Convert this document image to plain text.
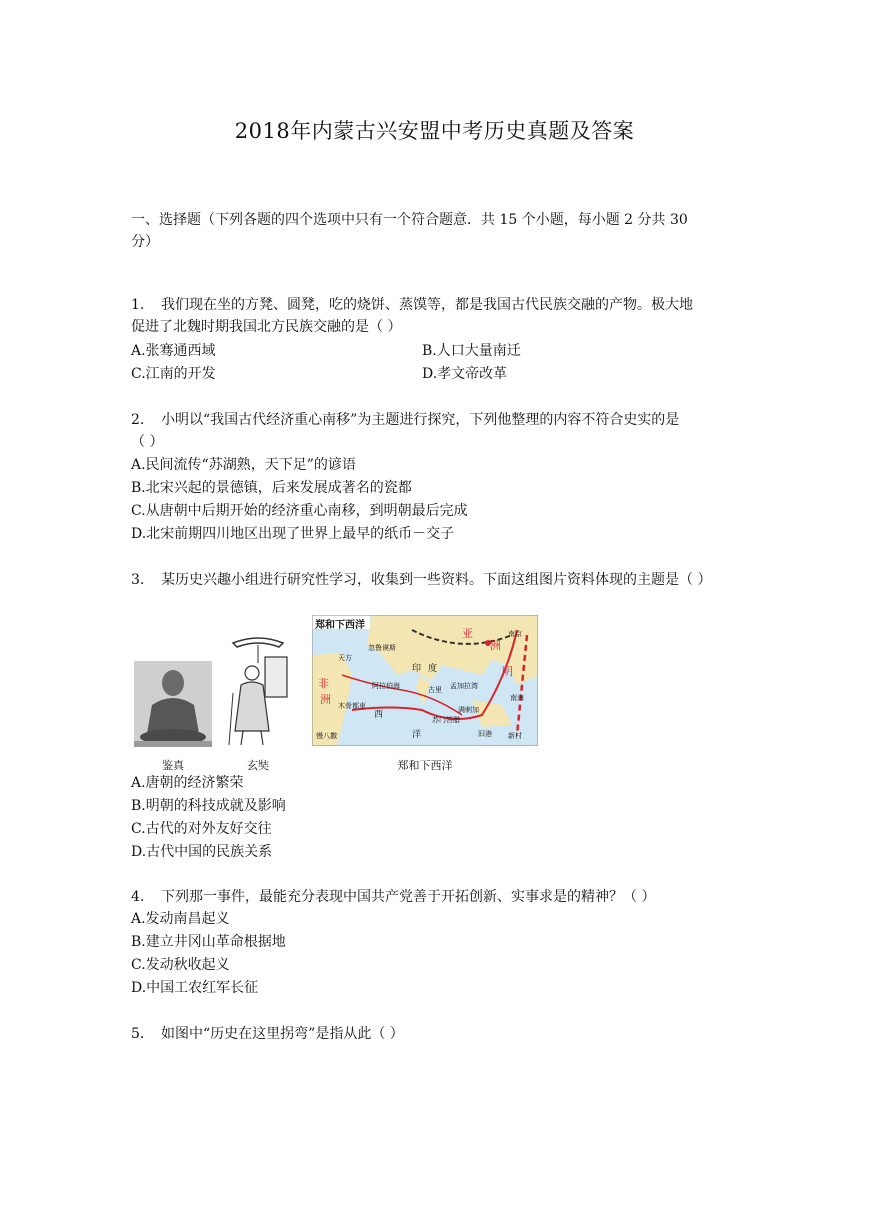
2018年内蒙古兴安盟中考历史真题及答案
一、选择题（下列各题的四个选项中只有一个符合题意．共 15 个小题，每小题 2 分共 30
分）
1. 我们现在坐的方凳、圆凳，吃的烧饼、蒸馍等，都是我国古代民族交融的产物。极大地
促进了北魏时期我国北方民族交融的是（ ）
A.张骞通西域	B.人口大量南迁
C.江南的开发	D.孝文帝改革
2. 小明以“我国古代经济重心南移”为主题进行探究，下列他整理的内容不符合史实的是
（ ）
A.民间流传“苏湖熟，天下足”的谚语
B.北宋兴起的景德镇，后来发展成著名的瓷都
C.从唐朝中后期开始的经济重心南移，到明朝最后完成
D.北宋前期四川地区出现了世界上最早的纸币－交子
3. 某历史兴趣小组进行研究性学习，收集到一些资料。下面这组图片资料体现的主题是（ ）
鉴真	玄奘
郑和下西洋
亚
洲
明
非
洲
印 度
洋
南京
天方
忽鲁谟斯
古里
满剌加
旧港
木骨都束
慢八撒
阿拉伯海	孟加拉湾
苏门答腊
南海
西
新村
郑和下西洋
A.唐朝的经济繁荣
B.明朝的科技成就及影响
C.古代的对外友好交往
D.古代中国的民族关系
4. 下列那一事件，最能充分表现中国共产党善于开拓创新、实事求是的精神？（ ）
A.发动南昌起义
B.建立井冈山革命根据地
C.发动秋收起义
D.中国工农红军长征
5. 如图中“历史在这里拐弯”是指从此（ ）
